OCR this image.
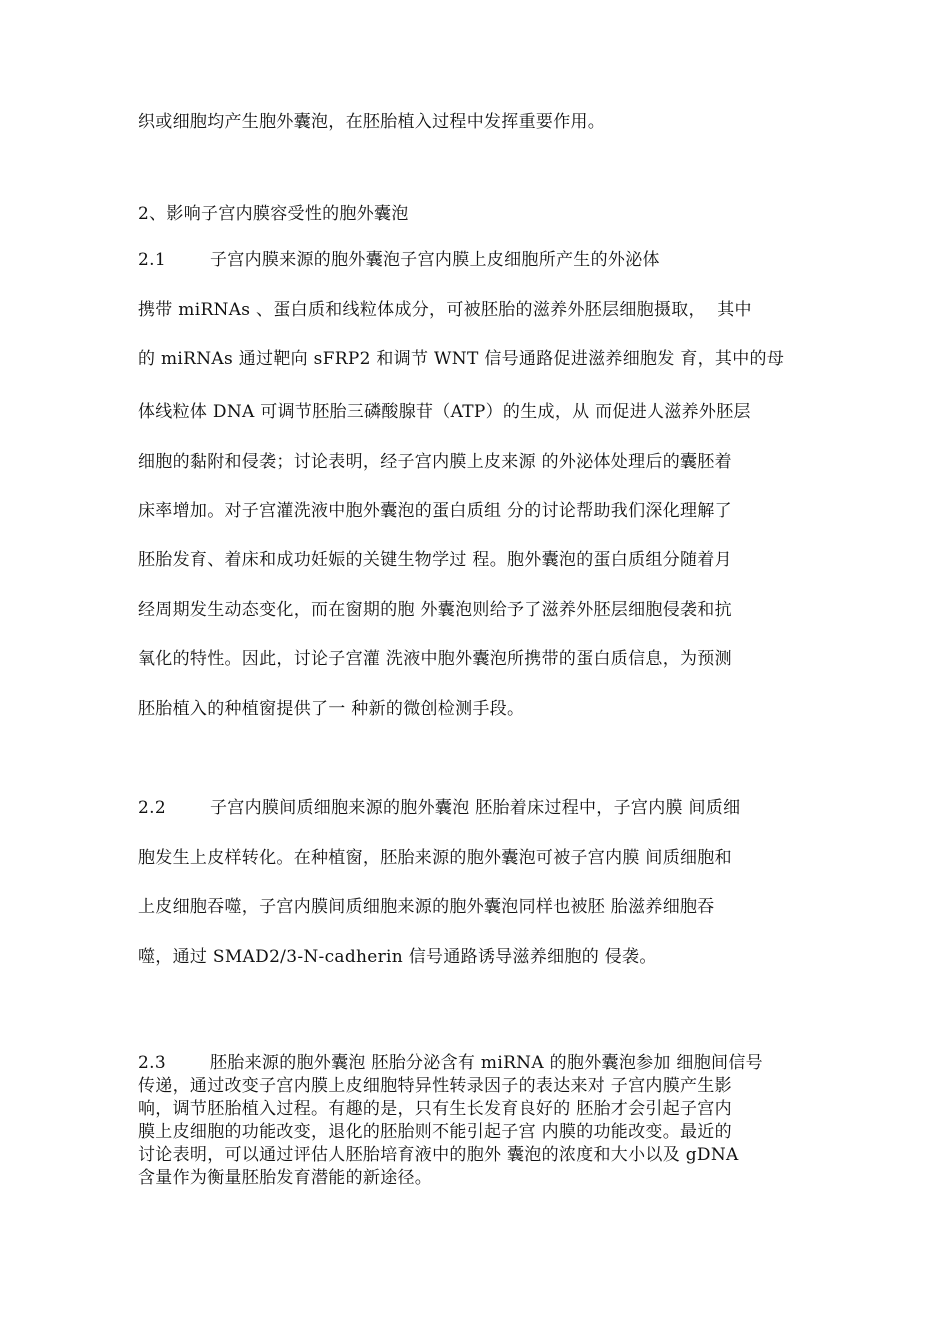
织或细胞均产生胞外囊泡，在胚胎植入过程中发挥重要作用。
2、影响子宫内膜容受性的胞外囊泡
2.1	子宫内膜来源的胞外囊泡子宫内膜上皮细胞所产生的外泌体
携带 miRNAs 、蛋白质和线粒体成分，可被胚胎的滋养外胚层细胞摄取，  其中
的 miRNAs 通过靶向 sFRP2 和调节 WNT 信号通路促进滋养细胞发 育，其中的母
体线粒体 DNA 可调节胚胎三磷酸腺苷（ATP）的生成，从 而促进人滋养外胚层
细胞的黏附和侵袭；讨论表明，经子宫内膜上皮来源 的外泌体处理后的囊胚着
床率增加。对子宫灌洗液中胞外囊泡的蛋白质组 分的讨论帮助我们深化理解了
胚胎发育、着床和成功妊娠的关键生物学过 程。胞外囊泡的蛋白质组分随着月
经周期发生动态变化，而在窗期的胞 外囊泡则给予了滋养外胚层细胞侵袭和抗
氧化的特性。因此，讨论子宫灌 洗液中胞外囊泡所携带的蛋白质信息，为预测
胚胎植入的种植窗提供了一 种新的微创检测手段。
2.2	子宫内膜间质细胞来源的胞外囊泡 胚胎着床过程中，子宫内膜 间质细
胞发生上皮样转化。在种植窗，胚胎来源的胞外囊泡可被子宫内膜 间质细胞和
上皮细胞吞噬，子宫内膜间质细胞来源的胞外囊泡同样也被胚 胎滋养细胞吞
噬，通过 SMAD2/3-N-cadherin 信号通路诱导滋养细胞的 侵袭。
2.3	胚胎来源的胞外囊泡 胚胎分泌含有 miRNA 的胞外囊泡参加 细胞间信号
传递，通过改变子宫内膜上皮细胞特异性转录因子的表达来对 子宫内膜产生影
响，调节胚胎植入过程。有趣的是，只有生长发育良好的 胚胎才会引起子宫内
膜上皮细胞的功能改变，退化的胚胎则不能引起子宫 内膜的功能改变。最近的
讨论表明，可以通过评估人胚胎培育液中的胞外 囊泡的浓度和大小以及 gDNA
含量作为衡量胚胎发育潜能的新途径。
